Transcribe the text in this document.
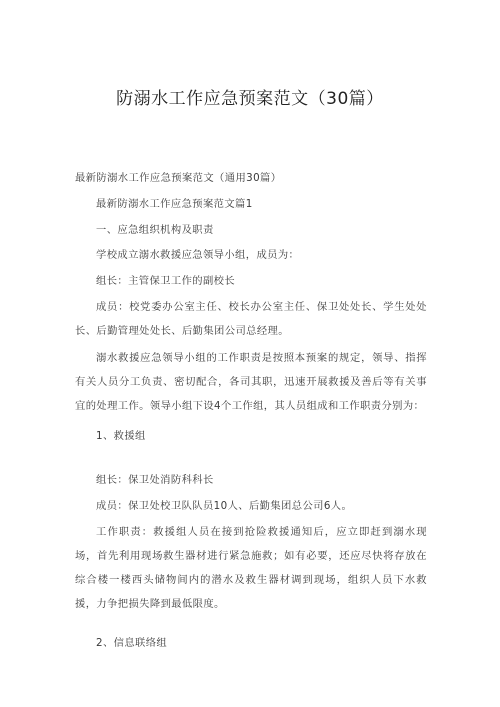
防溺水工作应急预案范文（30篇）

最新防溺水工作应急预案范文（通用30篇）

最新防溺水工作应急预案范文篇1

一、应急组织机构及职责

学校成立溺水救援应急领导小组，成员为：

组长：主管保卫工作的副校长

成员：校党委办公室主任、校长办公室主任、保卫处处长、学生处处长、后勤管理处处长、后勤集团公司总经理。

溺水救援应急领导小组的工作职责是按照本预案的规定，领导、指挥有关人员分工负责、密切配合，各司其职，迅速开展救援及善后等有关事宜的处理工作。领导小组下设4个工作组，其人员组成和工作职责分别为：

1、救援组

组长：保卫处消防科科长

成员：保卫处校卫队队员10人、后勤集团总公司6人。

工作职责：救援组人员在接到抢险救援通知后，应立即赶到溺水现场，首先利用现场救生器材进行紧急施救；如有必要，还应尽快将存放在综合楼一楼西头储物间内的潜水及救生器材调到现场，组织人员下水救援，力争把损失降到最低限度。

2、信息联络组
